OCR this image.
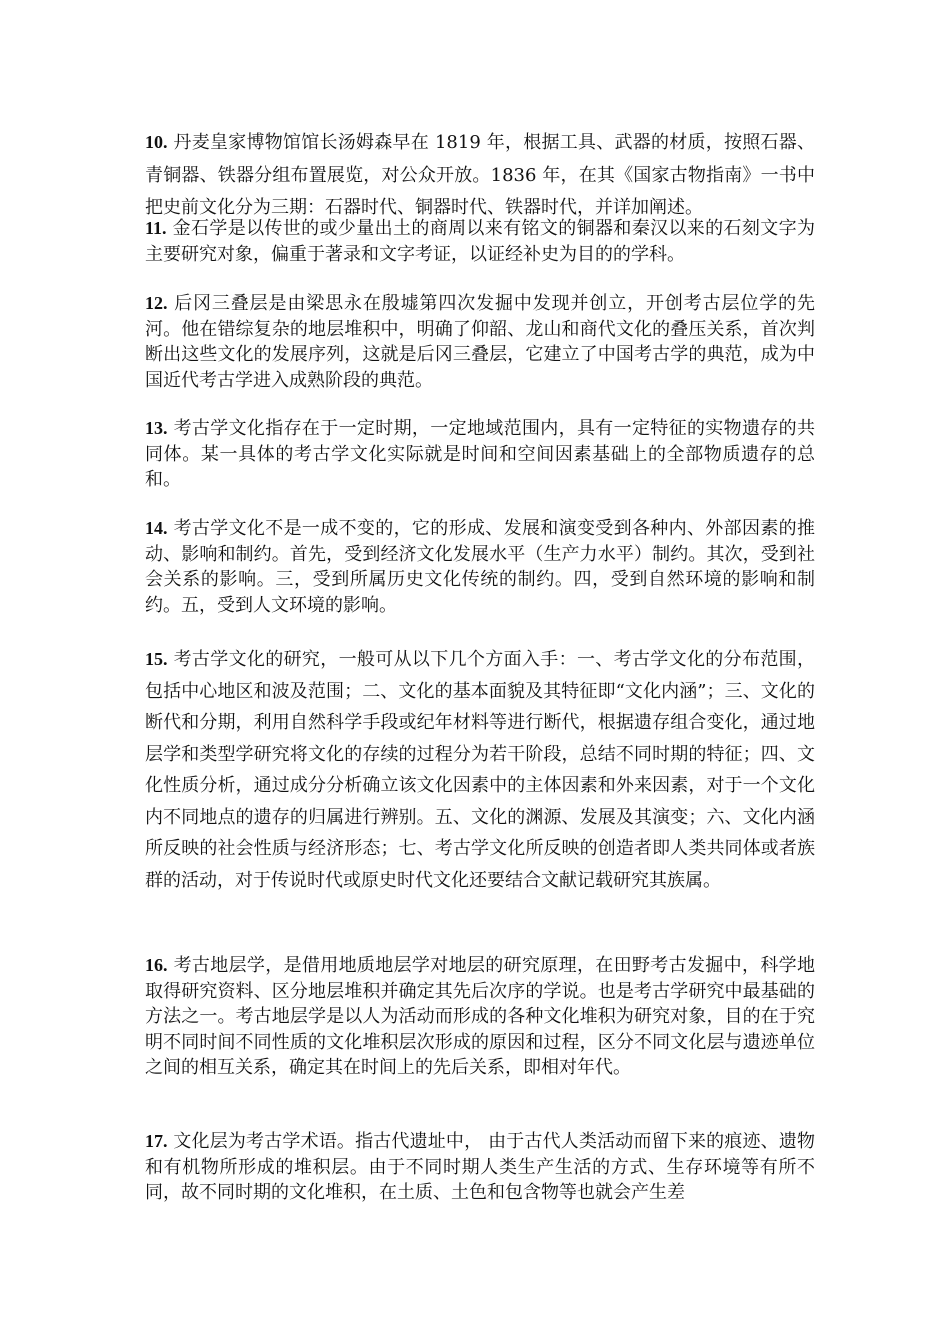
10. 丹麦皇家博物馆馆长汤姆森早在 1819 年，根据工具、武器的材质，按照石器、青铜器、铁器分组布置展览，对公众开放。1836 年，在其《国家古物指南》一书中把史前文化分为三期：石器时代、铜器时代、铁器时代，并详加阐述。

11. 金石学是以传世的或少量出土的商周以来有铭文的铜器和秦汉以来的石刻文字为主要研究对象，偏重于著录和文字考证，以证经补史为目的的学科。

12. 后冈三叠层是由梁思永在殷墟第四次发掘中发现并创立，开创考古层位学的先河。他在错综复杂的地层堆积中，明确了仰韶、龙山和商代文化的叠压关系，首次判断出这些文化的发展序列，这就是后冈三叠层，它建立了中国考古学的典范，成为中国近代考古学进入成熟阶段的典范。

13. 考古学文化指存在于一定时期，一定地域范围内，具有一定特征的实物遗存的共同体。某一具体的考古学文化实际就是时间和空间因素基础上的全部物质遗存的总和。

14. 考古学文化不是一成不变的，它的形成、发展和演变受到各种内、外部因素的推动、影响和制约。首先，受到经济文化发展水平（生产力水平）制约。其次，受到社会关系的影响。三，受到所属历史文化传统的制约。四，受到自然环境的影响和制约。五，受到人文环境的影响。

15. 考古学文化的研究，一般可从以下几个方面入手：一、考古学文化的分布范围，包括中心地区和波及范围；二、文化的基本面貌及其特征即“文化内涵”；三、文化的断代和分期，利用自然科学手段或纪年材料等进行断代，根据遗存组合变化，通过地层学和类型学研究将文化的存续的过程分为若干阶段，总结不同时期的特征；四、文化性质分析，通过成分分析确立该文化因素中的主体因素和外来因素，对于一个文化内不同地点的遗存的归属进行辨别。五、文化的渊源、发展及其演变；六、文化内涵所反映的社会性质与经济形态；七、考古学文化所反映的创造者即人类共同体或者族群的活动，对于传说时代或原史时代文化还要结合文献记载研究其族属。

16. 考古地层学，是借用地质地层学对地层的研究原理，在田野考古发掘中，科学地取得研究资料、区分地层堆积并确定其先后次序的学说。也是考古学研究中最基础的方法之一。考古地层学是以人为活动而形成的各种文化堆积为研究对象，目的在于究明不同时间不同性质的文化堆积层次形成的原因和过程，区分不同文化层与遗迹单位之间的相互关系，确定其在时间上的先后关系，即相对年代。

17. 文化层为考古学术语。指古代遗址中， 由于古代人类活动而留下来的痕迹、遗物和有机物所形成的堆积层。由于不同时期人类生产生活的方式、生存环境等有所不同，故不同时期的文化堆积，在土质、土色和包含物等也就会产生差
